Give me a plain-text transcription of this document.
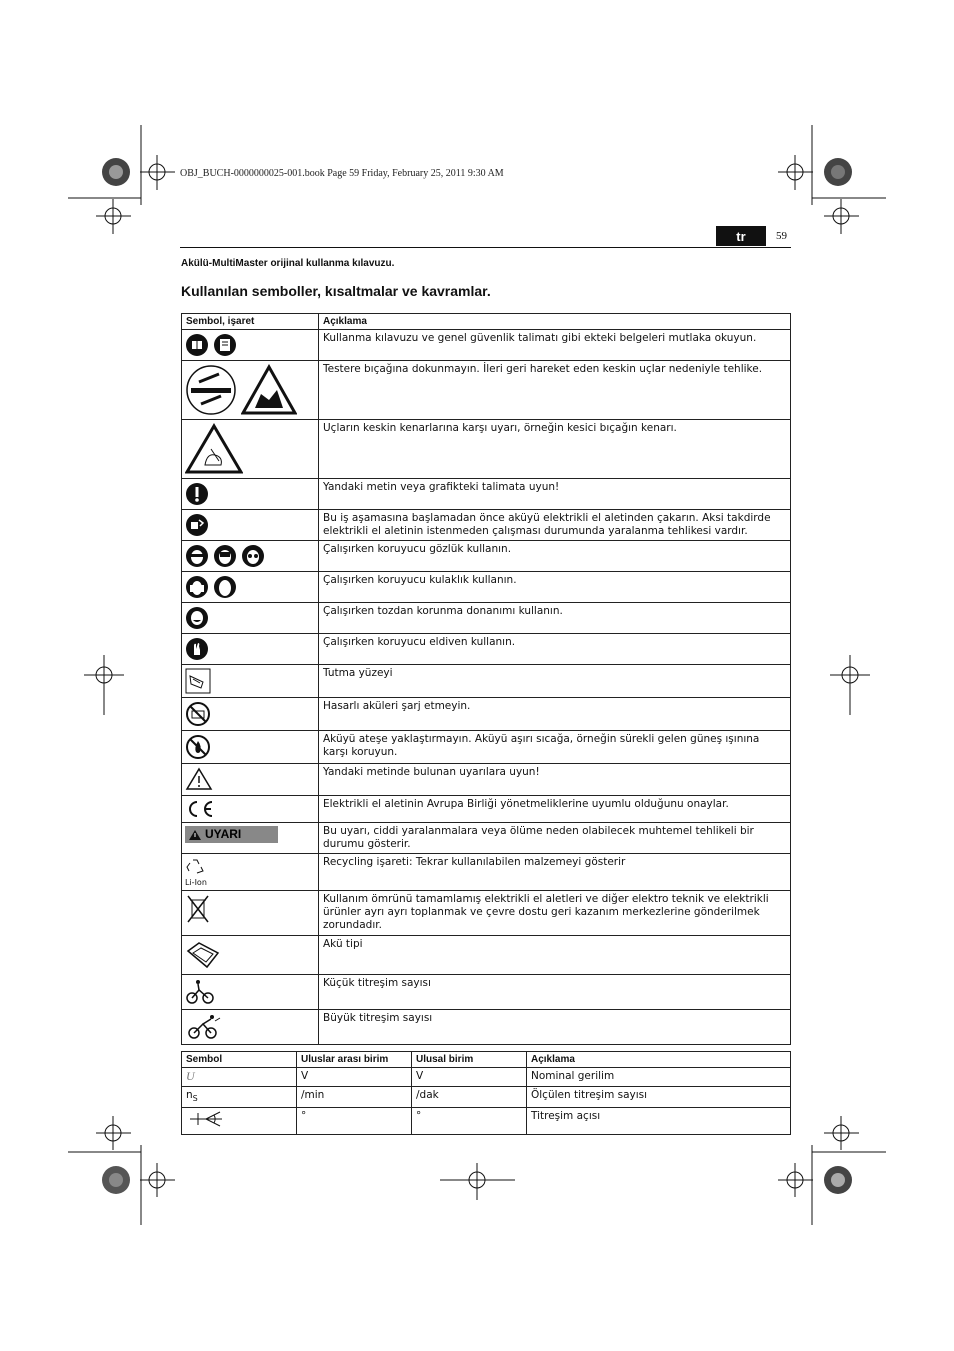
OBJ_BUCH-0000000025-001.book Page 59 Friday, February 25, 2011 9:30 AM
tr	59
Akülü-MultiMaster orijinal kullanma kılavuzu.
Kullanılan semboller, kısaltmalar ve kavramlar.
Sembol, işaret	Açıklama

	Kullanma kılavuzu ve genel güvenlik talimatı gibi ekteki belgeleri mutlaka okuyun.

	Testere bıçağına dokunmayın. İleri geri hareket eden keskin uçlar nedeniyle tehlike.

	Uçların keskin kenarlarına karşı uyarı, örneğin kesici bıçağın kenarı.

	Yandaki metin veya grafikteki talimata uyun!

	Bu iş aşamasına başlamadan önce aküyü elektrikli el aletinden çakarın. Aksi takdirde elektrikli el aletinin istenmeden çalışması durumunda yaralanma tehlikesi vardır.

	Çalışırken koruyucu gözlük kullanın.

	Çalışırken koruyucu kulaklık kullanın.

	Çalışırken tozdan korunma donanımı kullanın.

	Çalışırken koruyucu eldiven kullanın.

	Tutma yüzeyi

	Hasarlı aküleri şarj etmeyin.

	Aküyü ateşe yaklaştırmayın. Aküyü aşırı sıcağa, örneğin sürekli gelen güneş ışınına karşı koruyun.

	Yandaki metinde bulunan uyarılara uyun!

	Elektrikli el aletinin Avrupa Birliği yönetmeliklerine uyumlu olduğunu onaylar.

UYARI	Bu uyarı, ciddi yaralanmalara veya ölüme neden olabilecek muhtemel tehlikeli bir durumu gösterir.

Li-Ion	Recycling işareti: Tekrar kullanılabilen malzemeyi gösterir

	Kullanım ömrünü tamamlamış elektrikli el aletleri ve diğer elektro teknik ve elektrikli ürünler ayrı ayrı toplanmak ve çevre dostu geri kazanım merkezlerine gönderilmek zorundadır.

	Akü tipi

	Küçük titreşim sayısı

	Büyük titreşim sayısı
Sembol	Uluslar arası birim	Ulusal birim	Açıklama
U	V	V	Nominal gerilim
$n_S$	/min	/dak	Ölçülen titreşim sayısı
	°	°	Titreşim açısı
